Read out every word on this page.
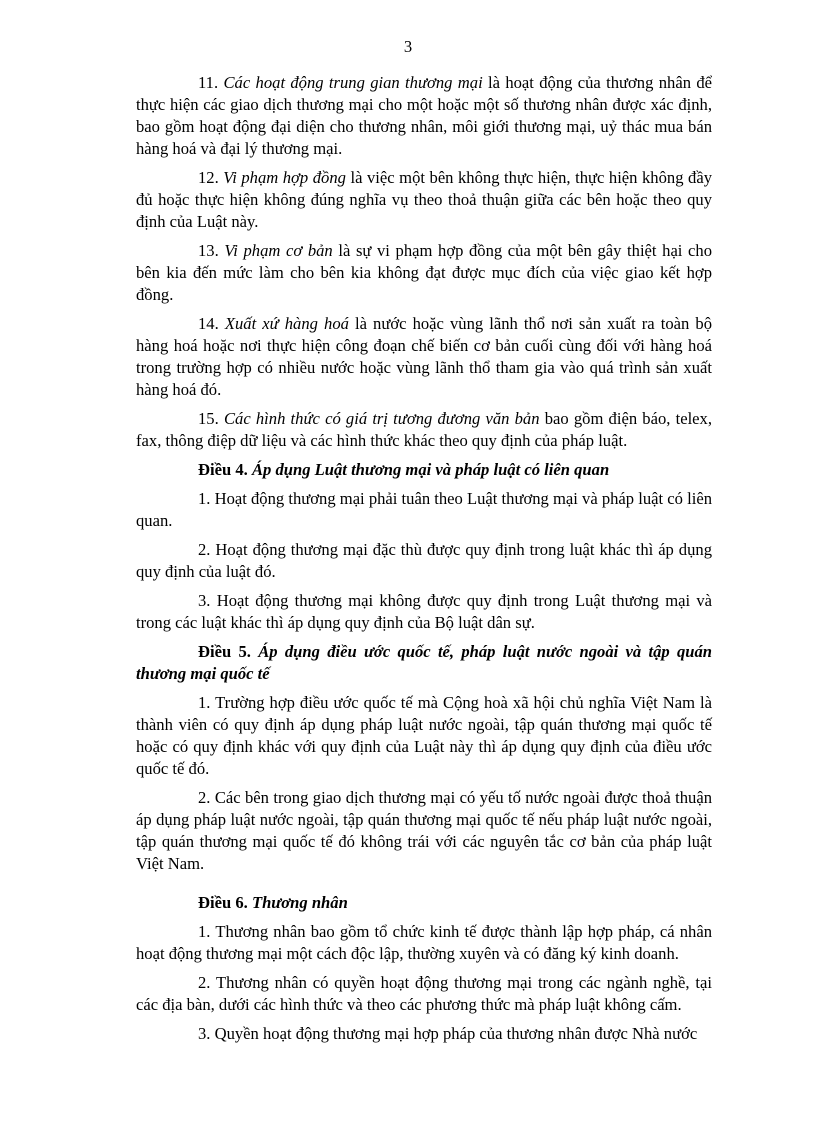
3

11. Các hoạt động trung gian thương mại là hoạt động của thương nhân để thực hiện các giao dịch thương mại cho một hoặc một số thương nhân được xác định, bao gồm hoạt động đại diện cho thương nhân, môi giới thương mại, uỷ thác mua bán hàng hoá và đại lý thương mại.

12. Vi phạm hợp đồng là việc một bên không thực hiện, thực hiện không đầy đủ hoặc thực hiện không đúng nghĩa vụ theo thoả thuận giữa các bên hoặc theo quy định của Luật này.

13. Vi phạm cơ bản là sự vi phạm hợp đồng của một bên gây thiệt hại cho bên kia đến mức làm cho bên kia không đạt được mục đích của việc giao kết hợp đồng.

14. Xuất xứ hàng hoá là nước hoặc vùng lãnh thổ nơi sản xuất ra toàn bộ hàng hoá hoặc nơi thực hiện công đoạn chế biến cơ bản cuối cùng đối với hàng hoá trong trường hợp có nhiều nước hoặc vùng lãnh thổ tham gia vào quá trình sản xuất hàng hoá đó.

15. Các hình thức có giá trị tương đương văn bản bao gồm điện báo, telex, fax, thông điệp dữ liệu và các hình thức khác theo quy định của pháp luật.

Điều 4. Áp dụng Luật thương mại và pháp luật có liên quan

1. Hoạt động thương mại phải tuân theo Luật thương mại và pháp luật có liên quan.

2. Hoạt động thương mại đặc thù được quy định trong luật khác thì áp dụng quy định của luật đó.

3. Hoạt động thương mại không được quy định trong Luật thương mại và trong các luật khác thì áp dụng quy định của Bộ luật dân sự.

Điều 5. Áp dụng điều ước quốc tế, pháp luật nước ngoài và tập quán thương mại quốc tế

1. Trường hợp điều ước quốc tế mà Cộng hoà xã hội chủ nghĩa Việt Nam là thành viên có quy định áp dụng pháp luật nước ngoài, tập quán thương mại quốc tế hoặc có quy định khác với quy định của Luật này thì áp dụng quy định của điều ước quốc tế đó.

2. Các bên trong giao dịch thương mại có yếu tố nước ngoài được thoả thuận áp dụng pháp luật nước ngoài, tập quán thương mại quốc tế nếu pháp luật nước ngoài, tập quán thương mại quốc tế đó không trái với các nguyên tắc cơ bản của pháp luật Việt Nam.

Điều 6. Thương nhân

1. Thương nhân bao gồm tổ chức kinh tế được thành lập hợp pháp, cá nhân hoạt động thương mại một cách độc lập, thường xuyên và có đăng ký kinh doanh.

2. Thương nhân có quyền hoạt động thương mại trong các ngành nghề, tại các địa bàn, dưới các hình thức và theo các phương thức mà pháp luật không cấm.

3. Quyền hoạt động thương mại hợp pháp của thương nhân được Nhà nước
